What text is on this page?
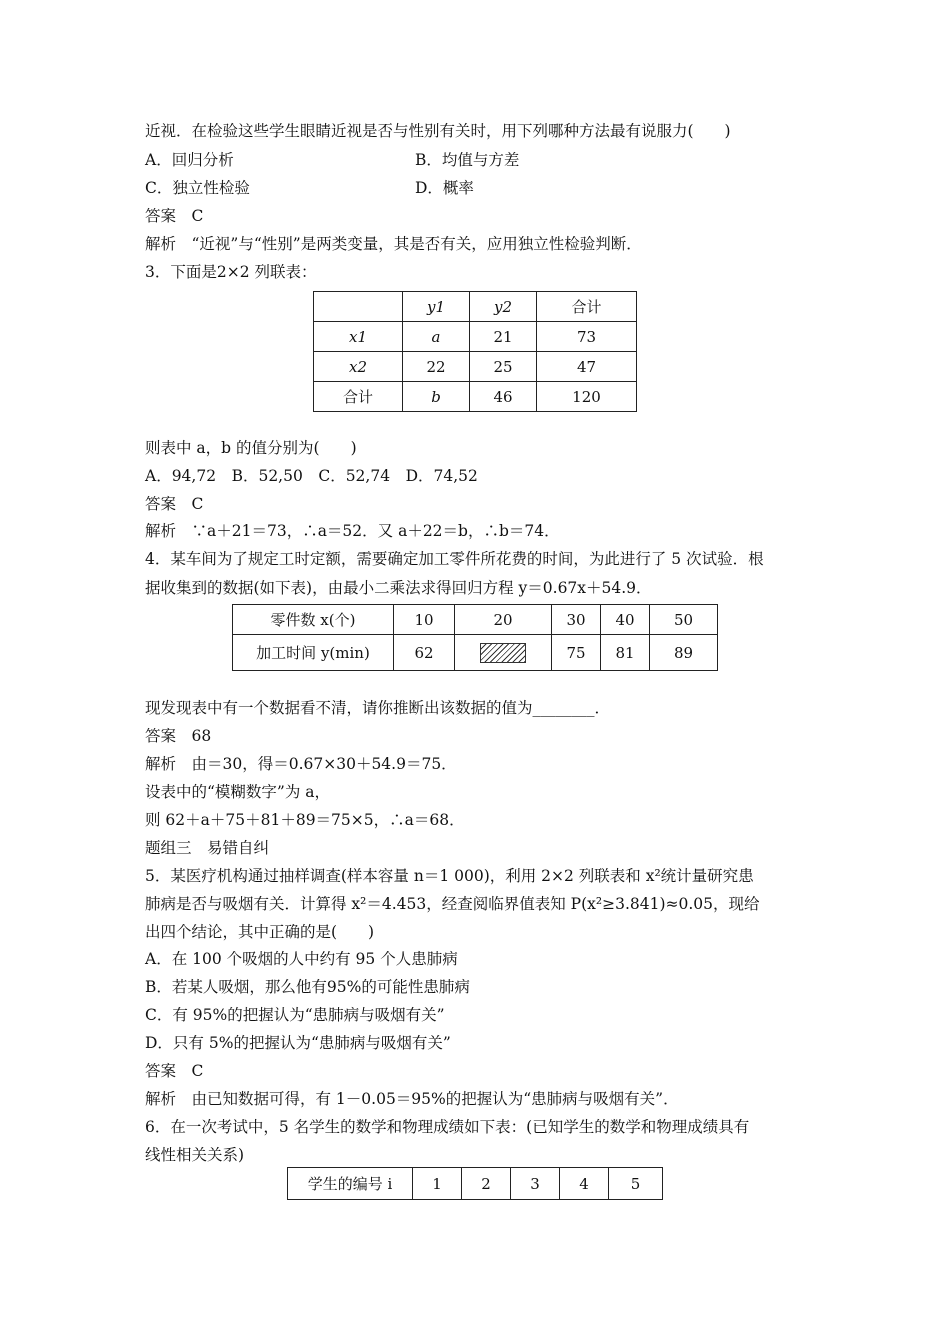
近视．在检验这些学生眼睛近视是否与性别有关时，用下列哪种方法最有说服力(　　)
A．回归分析	B．均值与方差
C．独立性检验	D．概率
答案　C
解析　“近视”与“性别”是两类变量，其是否有关，应用独立性检验判断．
3．下面是2×2 列联表：
	y1	y2	合计
x1	a	21	73
x2	22	25	47
合计	b	46	120
则表中 a，b 的值分别为(　　)
A．94,72　B．52,50　C．52,74　D．74,52
答案　C
解析　∵a＋21＝73，∴a＝52．又 a＋22＝b，∴b＝74．
4．某车间为了规定工时定额，需要确定加工零件所花费的时间，为此进行了 5 次试验．根
据收集到的数据(如下表)，由最小二乘法求得回归方程 y＝0.67x＋54.9．
零件数 x(个)	10	20	30	40	50
加工时间 y(min)	62		75	81	89
现发现表中有一个数据看不清，请你推断出该数据的值为________．
答案　68
解析　由＝30，得＝0.67×30＋54.9＝75．
设表中的“模糊数字”为 a，
则 62＋a＋75＋81＋89＝75×5，∴a＝68．
题组三　易错自纠
5．某医疗机构通过抽样调查(样本容量 n＝1 000)，利用 2×2 列联表和 x²统计量研究患
肺病是否与吸烟有关．计算得 x²＝4.453，经查阅临界值表知 P(x²≥3.841)≈0.05，现给
出四个结论，其中正确的是(　　)
A．在 100 个吸烟的人中约有 95 个人患肺病
B．若某人吸烟，那么他有95%的可能性患肺病
C．有 95%的把握认为“患肺病与吸烟有关”
D．只有 5%的把握认为“患肺病与吸烟有关”
答案　C
解析　由已知数据可得，有 1－0.05＝95%的把握认为“患肺病与吸烟有关”．
6．在一次考试中，5 名学生的数学和物理成绩如下表：(已知学生的数学和物理成绩具有
线性相关关系)
学生的编号 i	1	2	3	4	5
